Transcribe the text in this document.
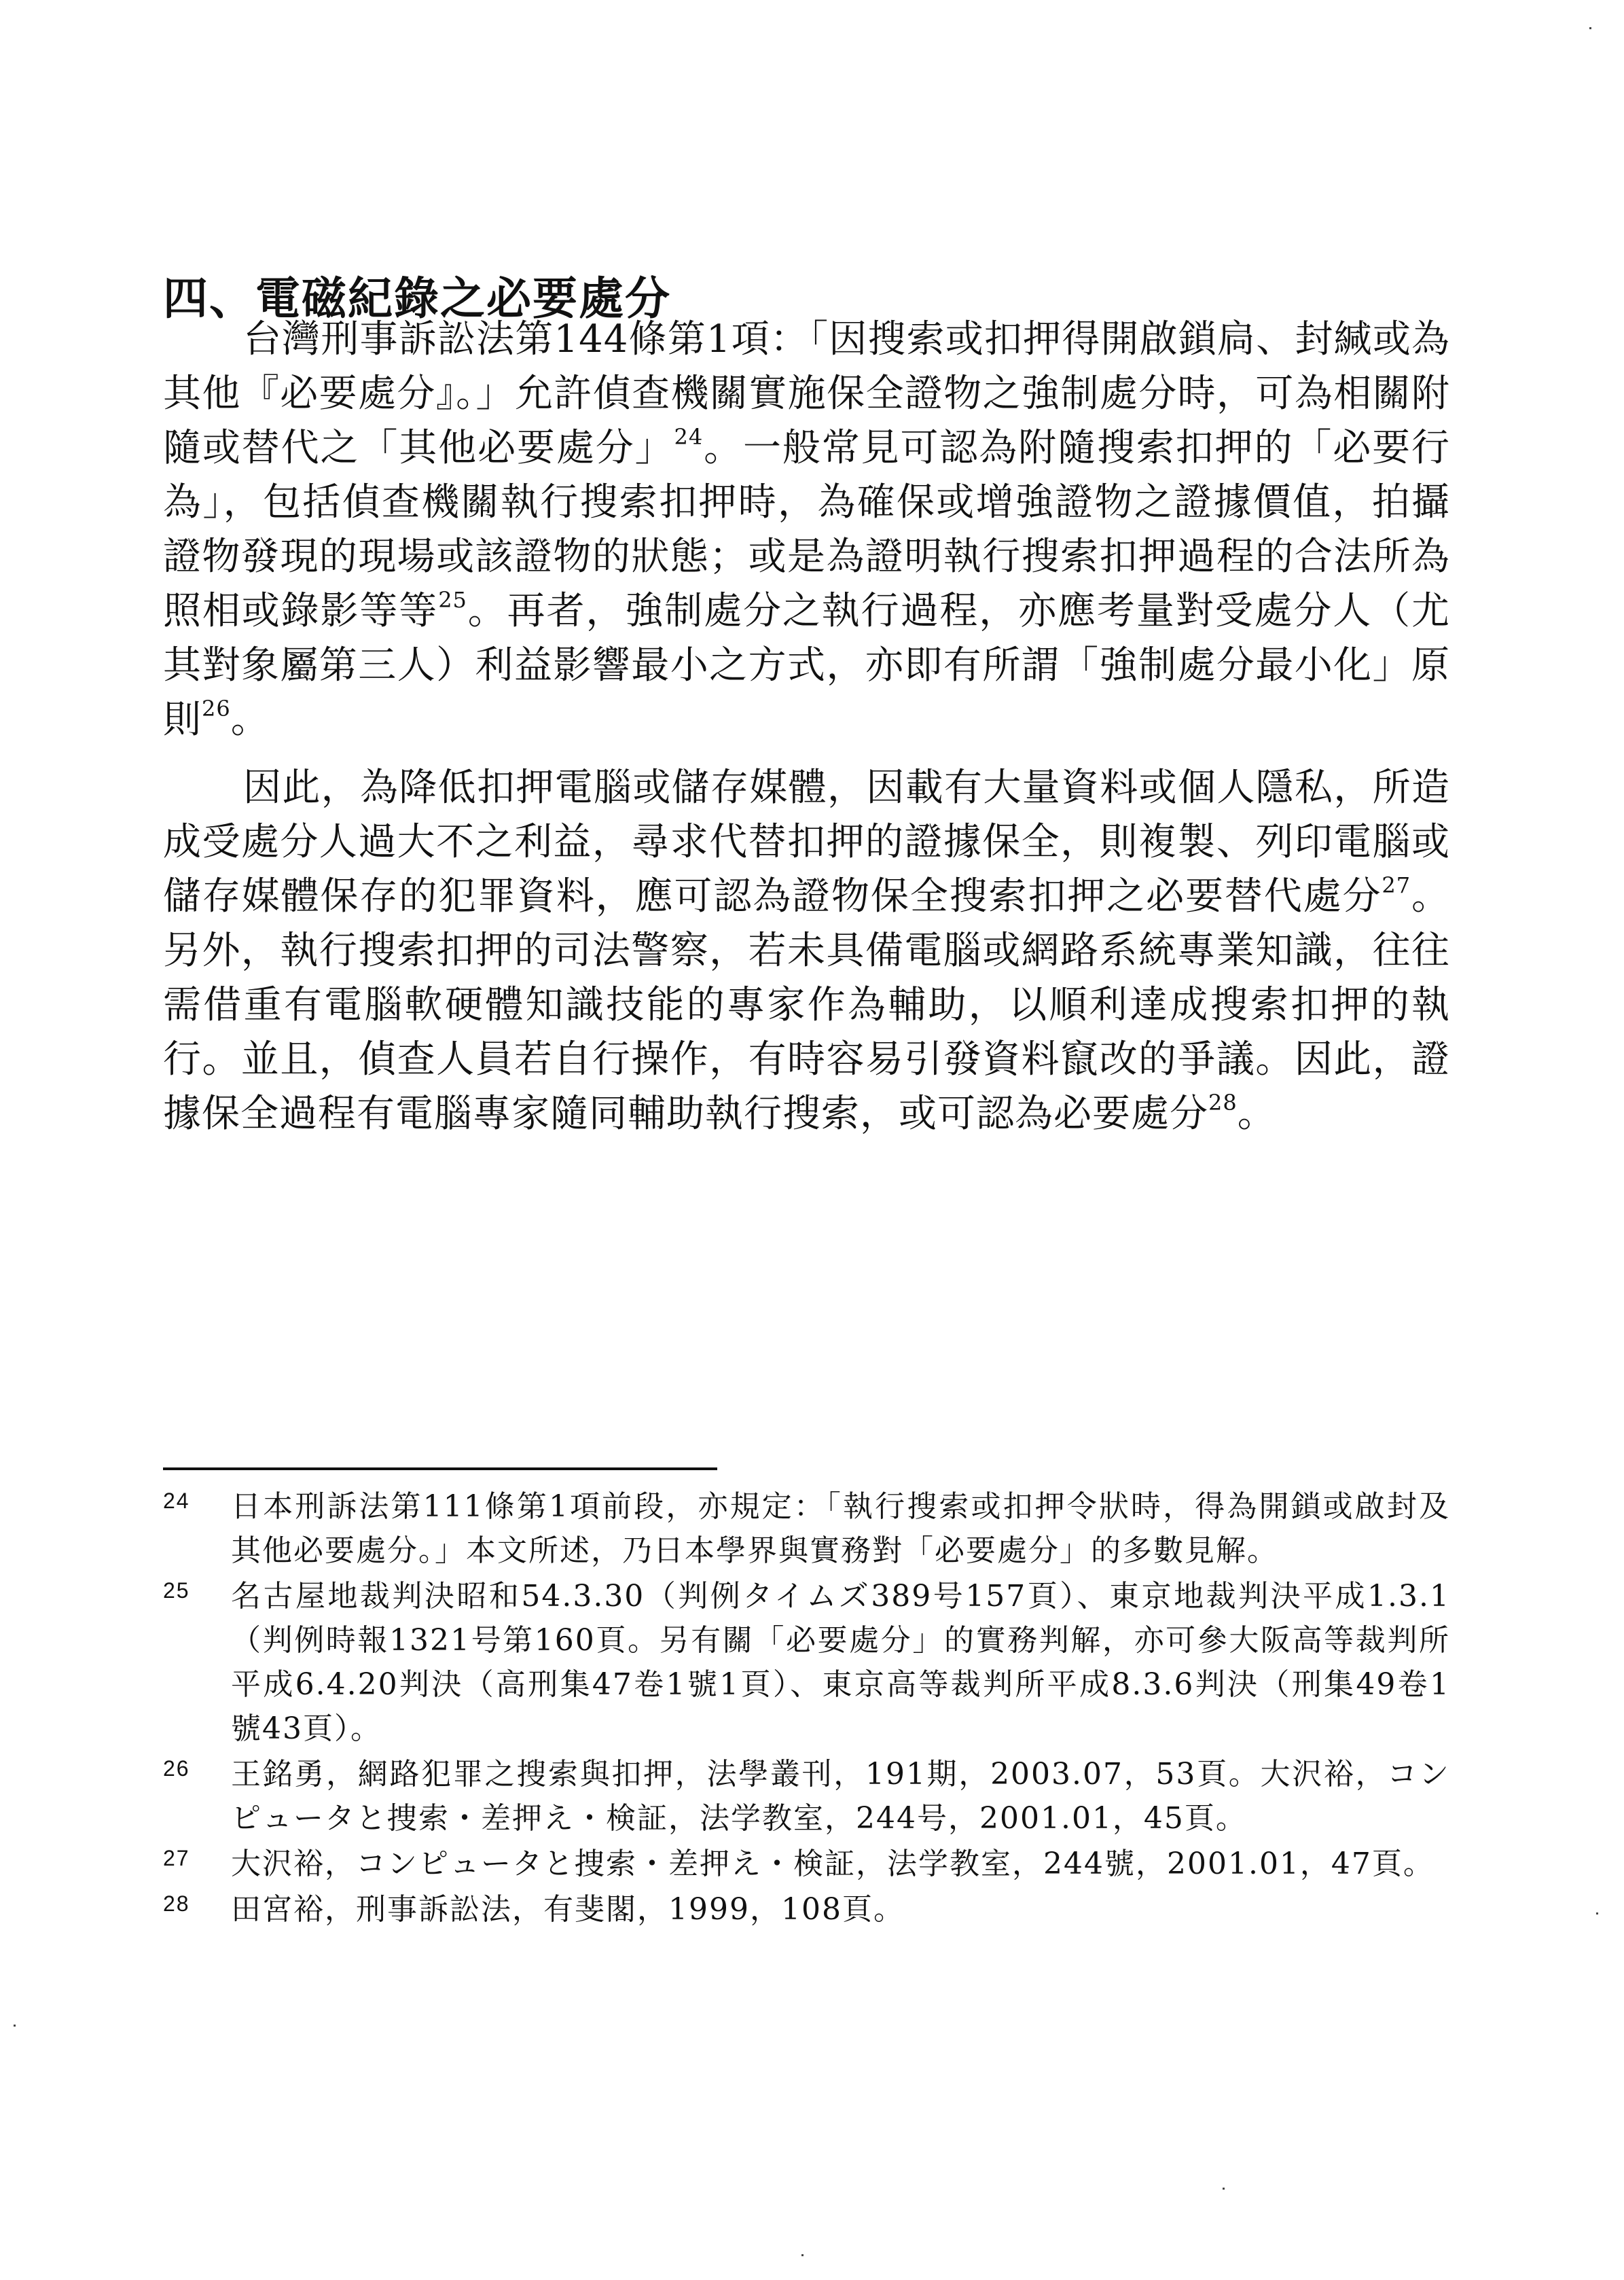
四、電磁紀錄之必要處分

台灣刑事訴訟法第144條第1項：「因搜索或扣押得開啟鎖扃、封緘或為其他『必要處分』。」允許偵查機關實施保全證物之強制處分時，可為相關附隨或替代之「其他必要處分」$^{24}$。一般常見可認為附隨搜索扣押的「必要行為」，包括偵查機關執行搜索扣押時，為確保或增強證物之證據價值，拍攝證物發現的現場或該證物的狀態；或是為證明執行搜索扣押過程的合法所為照相或錄影等等$^{25}$。再者，強制處分之執行過程，亦應考量對受處分人（尤其對象屬第三人）利益影響最小之方式，亦即有所謂「強制處分最小化」原則$^{26}$。

因此，為降低扣押電腦或儲存媒體，因載有大量資料或個人隱私，所造成受處分人過大不之利益，尋求代替扣押的證據保全，則複製、列印電腦或儲存媒體保存的犯罪資料，應可認為證物保全搜索扣押之必要替代處分$^{27}$。另外，執行搜索扣押的司法警察，若未具備電腦或網路系統專業知識，往往需借重有電腦軟硬體知識技能的專家作為輔助，以順利達成搜索扣押的執行。並且，偵查人員若自行操作，有時容易引發資料竄改的爭議。因此，證據保全過程有電腦專家隨同輔助執行搜索，或可認為必要處分$^{28}$。

24 日本刑訴法第111條第1項前段，亦規定：「執行搜索或扣押令狀時，得為開鎖或啟封及其他必要處分。」本文所述，乃日本學界與實務對「必要處分」的多數見解。
25 名古屋地裁判決昭和54.3.30（判例タイムズ389号157頁）、東京地裁判決平成1.3.1（判例時報1321号第160頁。另有關「必要處分」的實務判解，亦可參大阪高等裁判所平成6.4.20判決（高刑集47卷1號1頁）、東京高等裁判所平成8.3.6判決（刑集49卷1號43頁）。
26 王銘勇，網路犯罪之搜索與扣押，法學叢刊，191期，2003.07，53頁。大沢裕，コンピュータと捜索・差押え・検証，法学教室，244号，2001.01，45頁。
27 大沢裕，コンピュータと捜索・差押え・検証，法学教室，244號，2001.01，47頁。
28 田宮裕，刑事訴訟法，有斐閣，1999，108頁。
